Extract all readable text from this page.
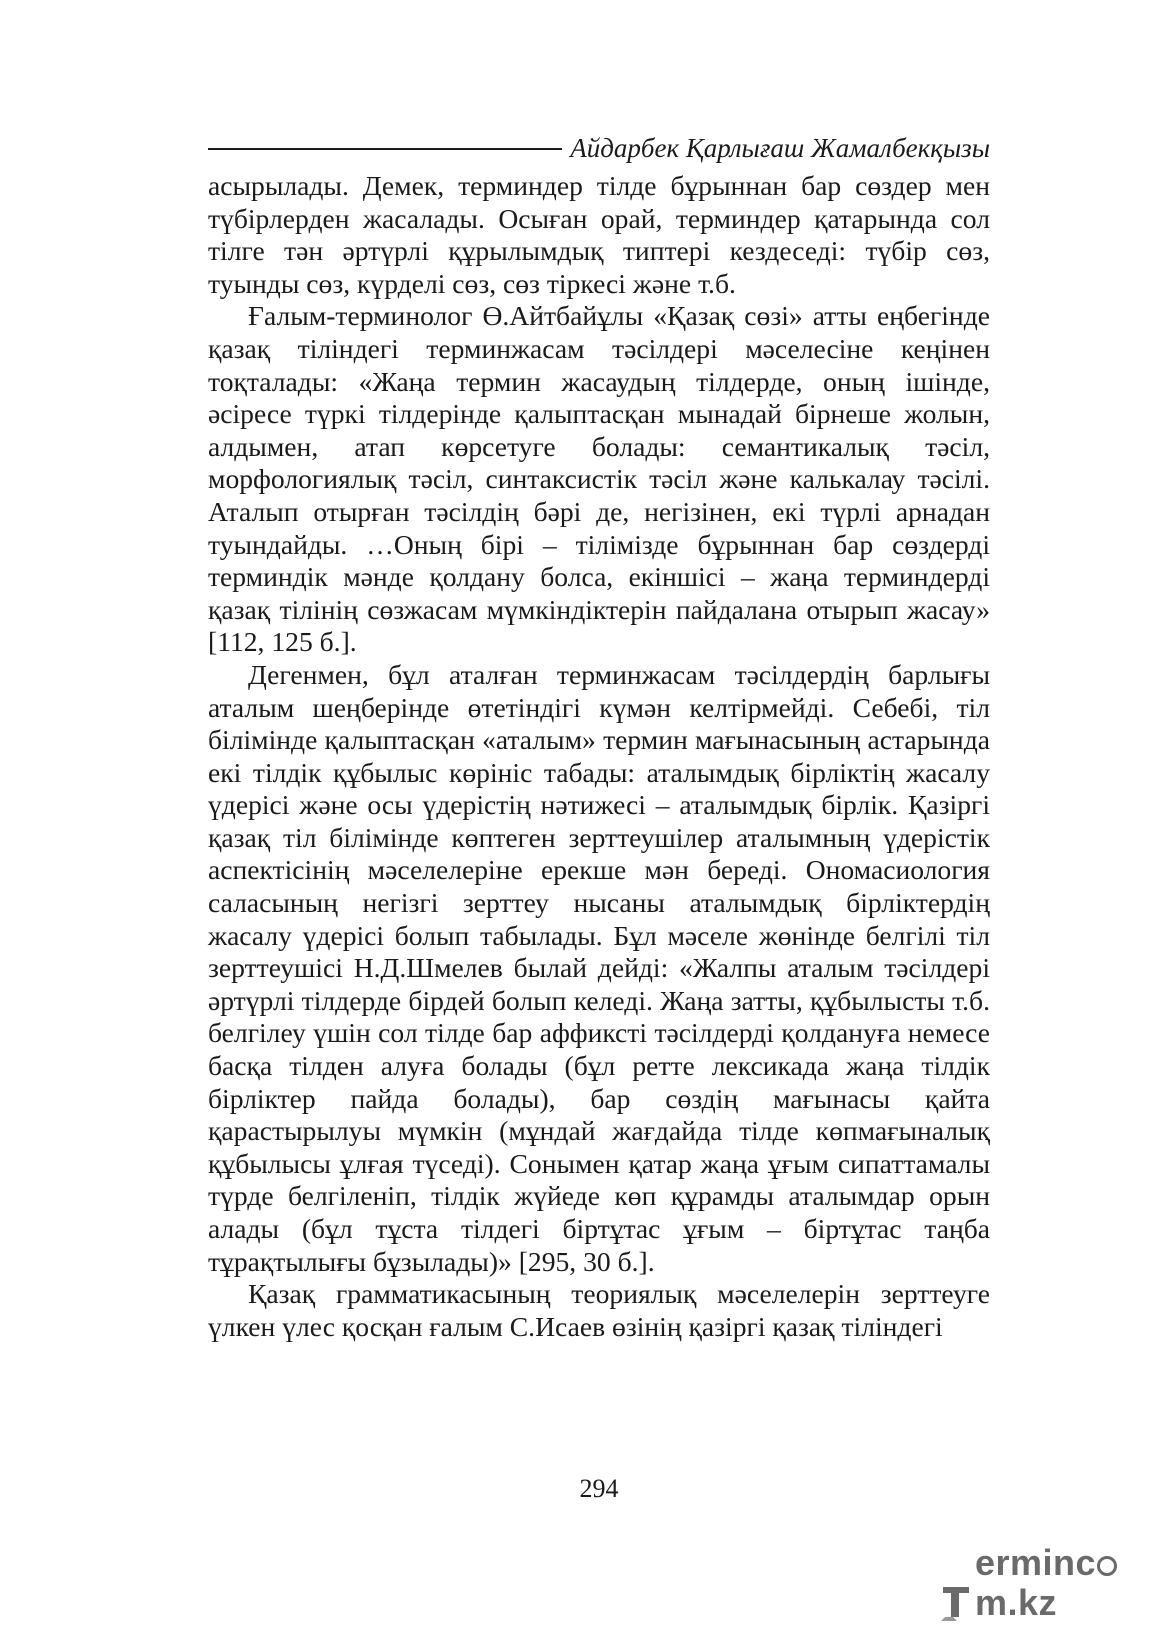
Айдарбек Қарлығаш Жамалбекқызы

асырылады. Демек, терминдер тілде бұрыннан бар сөздер мен түбірлерден жасалады. Осыған орай, терминдер қатарында сол тілге тән әртүрлі құрылымдық типтері кездеседі: түбір сөз, туынды сөз, күрделі сөз, сөз тіркесі және т.б.

Ғалым-терминолог Ө.Айтбайұлы «Қазақ сөзі» атты еңбегінде қазақ тіліндегі терминжасам тәсілдері мәселесіне кеңінен тоқталады: «Жаңа термин жасаудың тілдерде, оның ішінде, әсіресе түркі тілдерінде қалыптасқан мынадай бірнеше жолын, алдымен, атап көрсетуге болады: семантикалық тәсіл, морфологиялық тәсіл, синтаксистік тәсіл және калькалау тәсілі. Аталып отырған тәсілдің бәрі де, негізінен, екі түрлі арнадан туындайды. …Оның бірі – тілімізде бұрыннан бар сөздерді терминдік мәнде қолдану болса, екіншісі – жаңа терминдерді қазақ тілінің сөзжасам мүмкіндіктерін пайдалана отырып жасау» [112, 125 б.].

Дегенмен, бұл аталған терминжасам тәсілдердің барлығы аталым шеңберінде өтетіндігі күмән келтірмейді. Себебі, тіл білімінде қалыптасқан «аталым» термин мағынасының астарында екі тілдік құбылыс көрініс табады: аталымдық бірліктің жасалу үдерісі және осы үдерістің нәтижесі – аталымдық бірлік. Қазіргі қазақ тіл білімінде көптеген зерттеушілер аталымның үдерістік аспектісінің мәселелеріне ерекше мән береді. Ономасиология саласының негізгі зерттеу нысаны аталымдық бірліктердің жасалу үдерісі болып табылады. Бұл мәселе жөнінде белгілі тіл зерттеушісі Н.Д.Шмелев былай дейді: «Жалпы аталым тәсілдері әртүрлі тілдерде бірдей болып келеді. Жаңа затты, құбылысты т.б. белгілеу үшін сол тілде бар аффиксті тәсілдерді қолдануға немесе басқа тілден алуға болады (бұл ретте лексикада жаңа тілдік бірліктер пайда болады), бар сөздің мағынасы қайта қарастырылуы мүмкін (мұндай жағдайда тілде көпмағыналық құбылысы ұлғая түседі). Сонымен қатар жаңа ұғым сипаттамалы түрде белгіленіп, тілдік жүйеде көп құрамды аталымдар орын алады (бұл тұста тілдегі біртұтас ұғым – біртұтас таңба тұрақтылығы бұзылады)» [295, 30 б.].

Қазақ грамматикасының теориялық мәселелерін зерттеуге үлкен үлес қосқан ғалым С.Исаев өзінің қазіргі қазақ тіліндегі

294
ermincm.kz
